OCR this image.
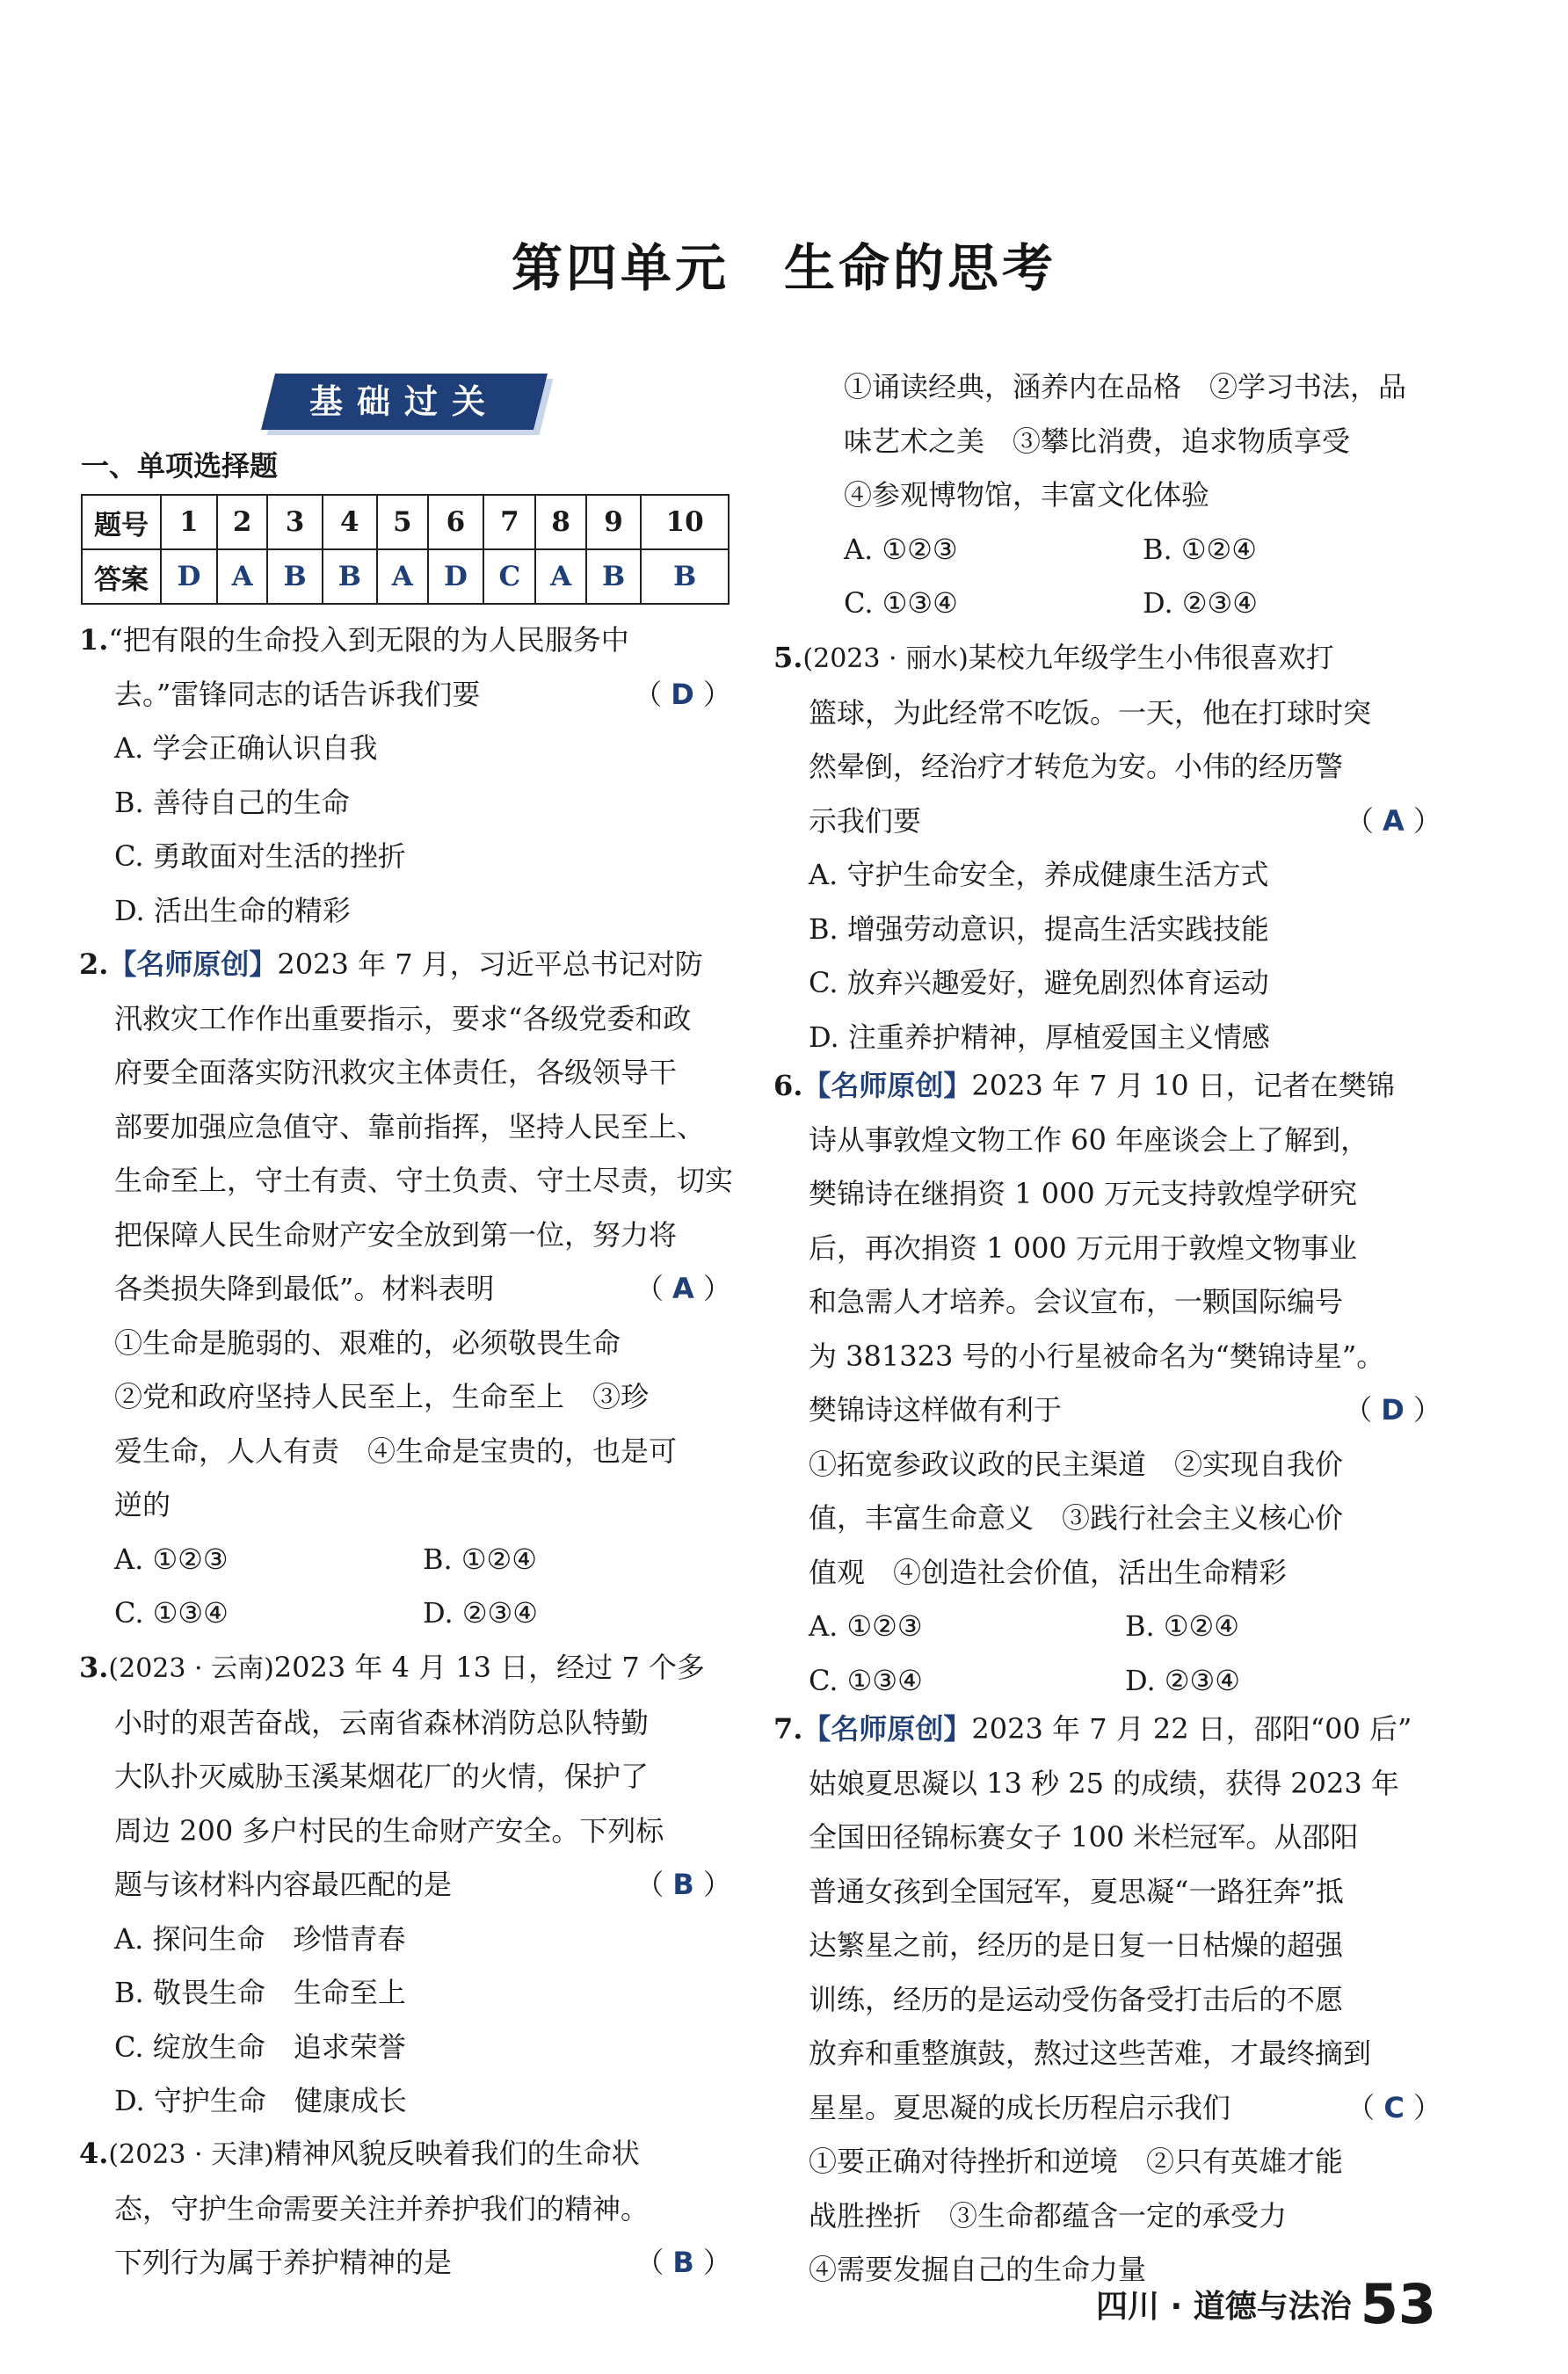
第四单元　生命的思考
基础过关
一、单项选择题
题号	1	2	3	4	5	6	7	8	9	10
答案	D	A	B	B	A	D	C	A	B	B
1.“把有限的生命投入到无限的为人民服务中
去。”雷锋同志的话告诉我们要	（ D ）
A. 学会正确认识自我
B. 善待自己的生命
C. 勇敢面对生活的挫折
D. 活出生命的精彩
2.【名师原创】2023 年 7 月，习近平总书记对防
汛救灾工作作出重要指示，要求“各级党委和政
府要全面落实防汛救灾主体责任，各级领导干
部要加强应急值守、靠前指挥，坚持人民至上、
生命至上，守土有责、守土负责、守土尽责，切实
把保障人民生命财产安全放到第一位，努力将
各类损失降到最低”。材料表明	（ A ）
①生命是脆弱的、艰难的，必须敬畏生命
②党和政府坚持人民至上，生命至上　③珍
爱生命，人人有责　④生命是宝贵的，也是可
逆的
A. ①②③	B. ①②④
C. ①③④	D. ②③④
3.(2023 · 云南)2023 年 4 月 13 日，经过 7 个多
小时的艰苦奋战，云南省森林消防总队特勤
大队扑灭威胁玉溪某烟花厂的火情，保护了
周边 200 多户村民的生命财产安全。下列标
题与该材料内容最匹配的是	（ B ）
A. 探问生命　珍惜青春
B. 敬畏生命　生命至上
C. 绽放生命　追求荣誉
D. 守护生命　健康成长
4.(2023 · 天津)精神风貌反映着我们的生命状
态，守护生命需要关注并养护我们的精神。
下列行为属于养护精神的是	（ B ）
①诵读经典，涵养内在品格　②学习书法，品
味艺术之美　③攀比消费，追求物质享受
④参观博物馆，丰富文化体验
A. ①②③	B. ①②④
C. ①③④	D. ②③④
5.(2023 · 丽水)某校九年级学生小伟很喜欢打
篮球，为此经常不吃饭。一天，他在打球时突
然晕倒，经治疗才转危为安。小伟的经历警
示我们要	（ A ）
A. 守护生命安全，养成健康生活方式
B. 增强劳动意识，提高生活实践技能
C. 放弃兴趣爱好，避免剧烈体育运动
D. 注重养护精神，厚植爱国主义情感
6.【名师原创】2023 年 7 月 10 日，记者在樊锦
诗从事敦煌文物工作 60 年座谈会上了解到，
樊锦诗在继捐资 1 000 万元支持敦煌学研究
后，再次捐资 1 000 万元用于敦煌文物事业
和急需人才培养。会议宣布，一颗国际编号
为 381323 号的小行星被命名为“樊锦诗星”。
樊锦诗这样做有利于	（ D ）
①拓宽参政议政的民主渠道　②实现自我价
值，丰富生命意义　③践行社会主义核心价
值观　④创造社会价值，活出生命精彩
A. ①②③	B. ①②④
C. ①③④	D. ②③④
7.【名师原创】2023 年 7 月 22 日，邵阳“00 后”
姑娘夏思凝以 13 秒 25 的成绩，获得 2023 年
全国田径锦标赛女子 100 米栏冠军。从邵阳
普通女孩到全国冠军，夏思凝“一路狂奔”抵
达繁星之前，经历的是日复一日枯燥的超强
训练，经历的是运动受伤备受打击后的不愿
放弃和重整旗鼓，熬过这些苦难，才最终摘到
星星。夏思凝的成长历程启示我们	（ C ）
①要正确对待挫折和逆境　②只有英雄才能
战胜挫折　③生命都蕴含一定的承受力
④需要发掘自己的生命力量
四川 · 道德与法治 53
